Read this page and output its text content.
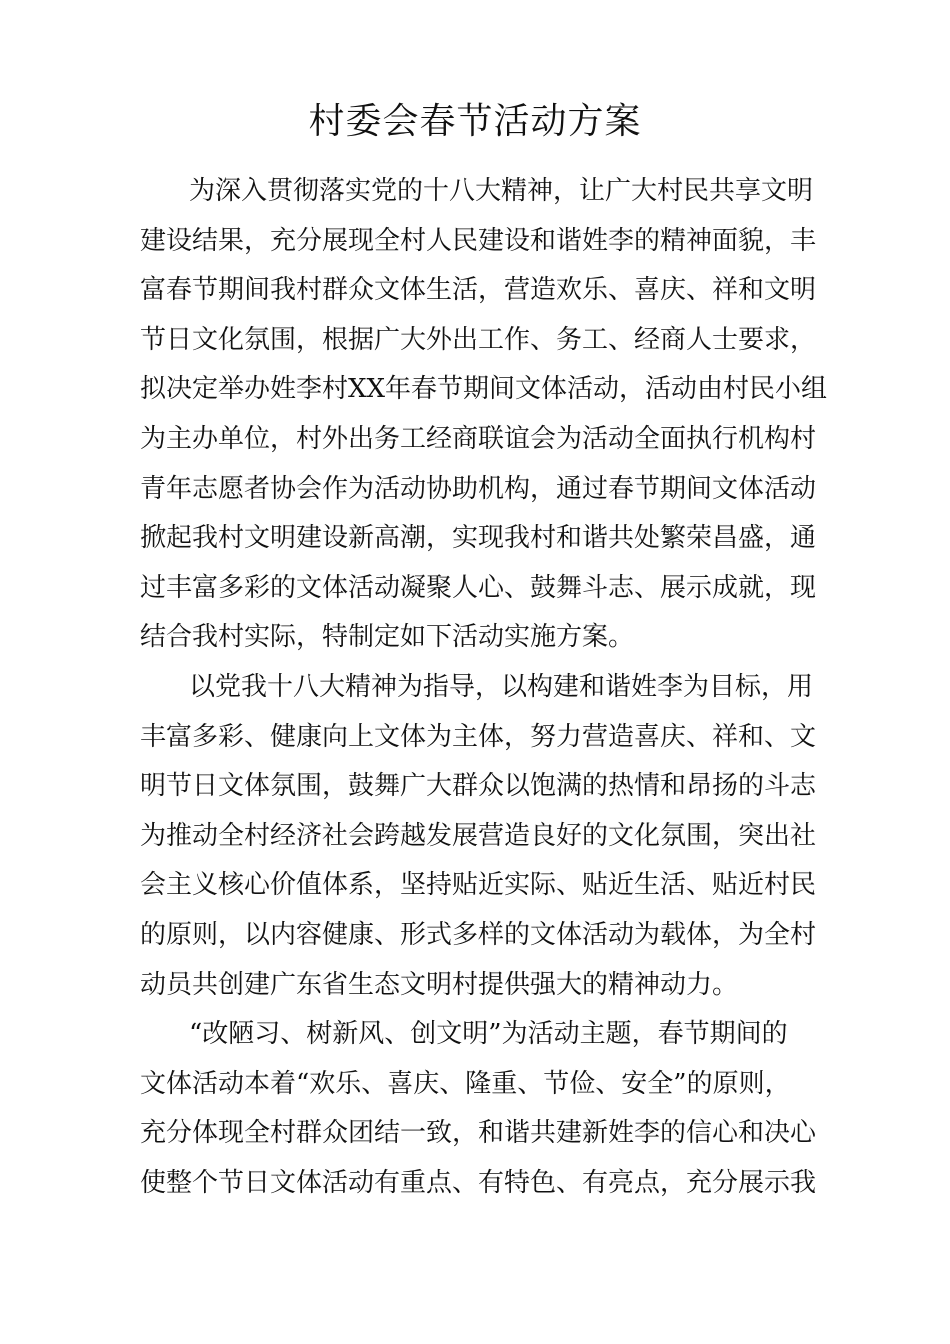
村委会春节活动方案
为深入贯彻落实党的十八大精神，让广大村民共享文明
建设结果，充分展现全村人民建设和谐姓李的精神面貌，丰
富春节期间我村群众文体生活，营造欢乐、喜庆、祥和文明
节日文化氛围，根据广大外出工作、务工、经商人士要求，
拟决定举办姓李村XX年春节期间文体活动，活动由村民小组
为主办单位，村外出务工经商联谊会为活动全面执行机构村
青年志愿者协会作为活动协助机构，通过春节期间文体活动
掀起我村文明建设新高潮，实现我村和谐共处繁荣昌盛，通
过丰富多彩的文体活动凝聚人心、鼓舞斗志、展示成就，现
结合我村实际，特制定如下活动实施方案。
以党我十八大精神为指导，以构建和谐姓李为目标，用
丰富多彩、健康向上文体为主体，努力营造喜庆、祥和、文
明节日文体氛围，鼓舞广大群众以饱满的热情和昂扬的斗志
为推动全村经济社会跨越发展营造良好的文化氛围，突出社
会主义核心价值体系，坚持贴近实际、贴近生活、贴近村民
的原则，以内容健康、形式多样的文体活动为载体，为全村
动员共创建广东省生态文明村提供强大的精神动力。
“改陋习、树新风、创文明”为活动主题，春节期间的
文体活动本着“欢乐、喜庆、隆重、节俭、安全”的原则，
充分体现全村群众团结一致，和谐共建新姓李的信心和决心
使整个节日文体活动有重点、有特色、有亮点，充分展示我
